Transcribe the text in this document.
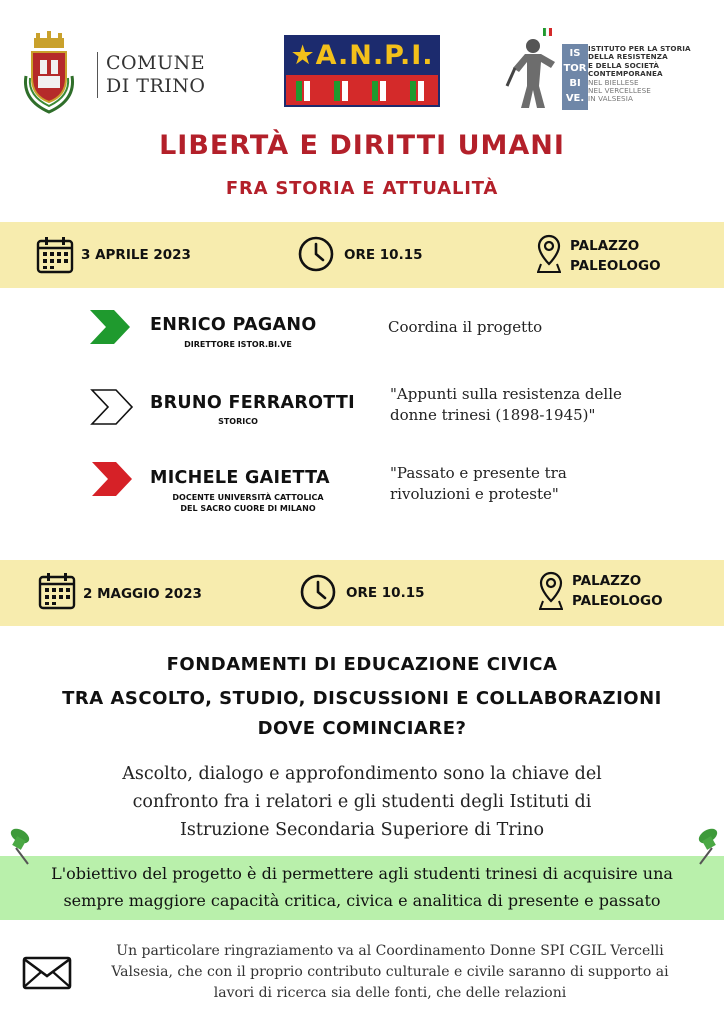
COMUNE
DI TRINO
★A.N.P.I.	IS
TOR
BI
VE.
ISTITUTO PER LA STORIA
DELLA RESISTENZA
E DELLA SOCIETÀ
CONTEMPORANEA
NEL BIELLESE
NEL VERCELLESE
IN VALSESIA
LIBERTÀ E DIRITTI UMANI
FRA STORIA E ATTUALITÀ
3 APRILE 2023	ORE 10.15
PALAZZO
PALEOLOGO
ENRICO PAGANO
DIRETTORE ISTOR.BI.VE
Coordina il progetto
BRUNO FERRAROTTI
STORICO
"Appunti sulla resistenza delle
donne trinesi (1898-1945)"
MICHELE GAIETTA
DOCENTE UNIVERSITÀ CATTOLICA
DEL SACRO CUORE DI MILANO
"Passato e presente tra
rivoluzioni e proteste"
2 MAGGIO 2023	ORE 10.15
PALAZZO
PALEOLOGO
FONDAMENTI DI EDUCAZIONE CIVICA
TRA ASCOLTO, STUDIO, DISCUSSIONI E COLLABORAZIONI
DOVE COMINCIARE?
Ascolto, dialogo e approfondimento sono la chiave del
confronto fra i relatori e gli studenti degli Istituti di
Istruzione Secondaria Superiore di Trino
L'obiettivo del progetto è di permettere agli studenti trinesi di acquisire una
sempre maggiore capacità critica, civica e analitica di presente e passato
Un particolare ringraziamento va al Coordinamento Donne SPI CGIL Vercelli
Valsesia, che con il proprio contributo culturale e civile saranno di supporto ai
lavori di ricerca sia delle fonti, che delle relazioni
